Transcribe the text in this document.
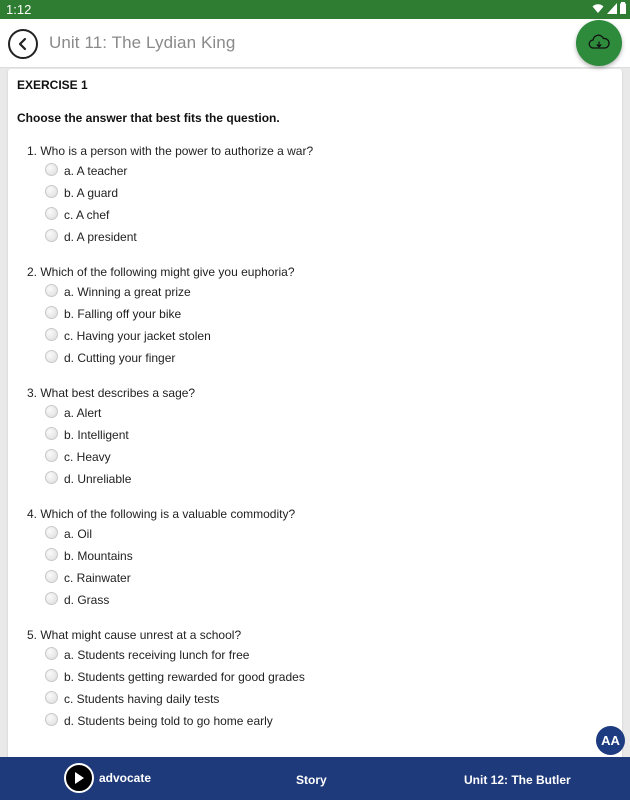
1:12
Unit 11: The Lydian King
EXERCISE 1
Choose the answer that best fits the question.
1. Who is a person with the power to authorize a war?
a. A teacher
b. A guard
c. A chef
d. A president
2. Which of the following might give you euphoria?
a. Winning a great prize
b. Falling off your bike
c. Having your jacket stolen
d. Cutting your finger
3. What best describes a sage?
a. Alert
b. Intelligent
c. Heavy
d. Unreliable
4. Which of the following is a valuable commodity?
a. Oil
b. Mountains
c. Rainwater
d. Grass
5. What might cause unrest at a school?
a. Students receiving lunch for free
b. Students getting rewarded for good grades
c. Students having daily tests
d. Students being told to go home early
AA
advocate	Story	Unit 12: The Butler
